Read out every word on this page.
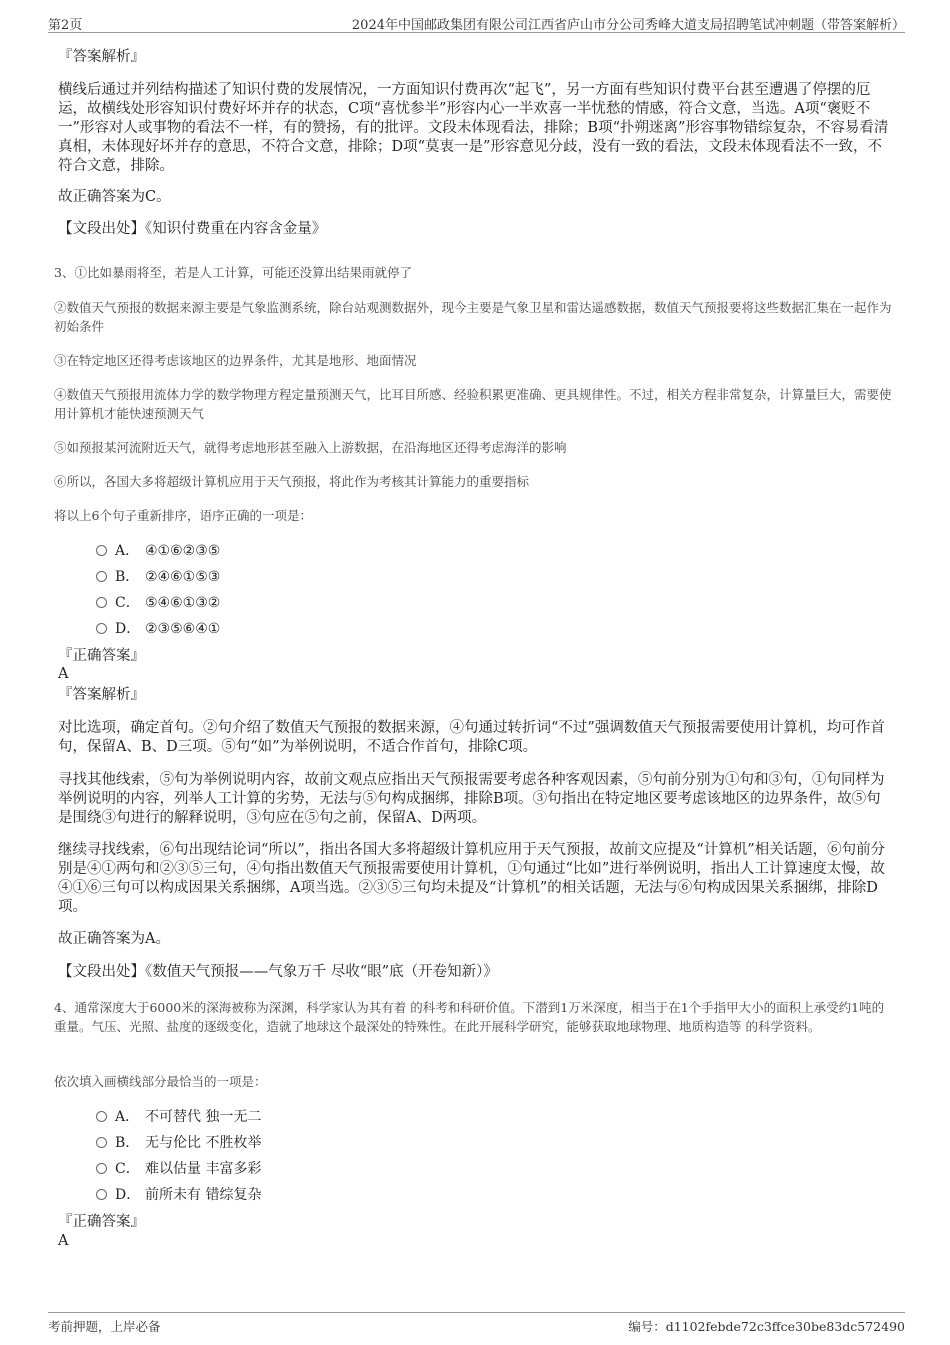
第2页	2024年中国邮政集团有限公司江西省庐山市分公司秀峰大道支局招聘笔试冲刺题（带答案解析）

『答案解析』

横线后通过并列结构描述了知识付费的发展情况，一方面知识付费再次“起飞”，另一方面有些知识付费平台甚至遭遇了停摆的厄运，故横线处形容知识付费好坏并存的状态，C项“喜忧参半”形容内心一半欢喜一半忧愁的情感，符合文意，当选。A项“褒贬不一”形容对人或事物的看法不一样，有的赞扬，有的批评。文段未体现看法，排除；B项“扑朔迷离”形容事物错综复杂，不容易看清真相，未体现好坏并存的意思，不符合文意，排除；D项“莫衷一是”形容意见分歧，没有一致的看法，文段未体现看法不一致，不符合文意，排除。

故正确答案为C。

【文段出处】《知识付费重在内容含金量》

3、①比如暴雨将至，若是人工计算，可能还没算出结果雨就停了

②数值天气预报的数据来源主要是气象监测系统，除台站观测数据外，现今主要是气象卫星和雷达遥感数据，数值天气预报要将这些数据汇集在一起作为初始条件

③在特定地区还得考虑该地区的边界条件，尤其是地形、地面情况

④数值天气预报用流体力学的数学物理方程定量预测天气，比耳目所感、经验积累更准确、更具规律性。不过，相关方程非常复杂，计算量巨大，需要使用计算机才能快速预测天气

⑤如预报某河流附近天气，就得考虑地形甚至融入上游数据，在沿海地区还得考虑海洋的影响

⑥所以，各国大多将超级计算机应用于天气预报，将此作为考核其计算能力的重要指标

将以上6个句子重新排序，语序正确的一项是：

A． ④①⑥②③⑤
B． ②④⑥①⑤③
C． ⑤④⑥①③②
D． ②③⑤⑥④①

『正确答案』

A

『答案解析』

对比选项，确定首句。②句介绍了数值天气预报的数据来源，④句通过转折词“不过”强调数值天气预报需要使用计算机，均可作首句，保留A、B、D三项。⑤句“如”为举例说明，不适合作首句，排除C项。

寻找其他线索，⑤句为举例说明内容，故前文观点应指出天气预报需要考虑各种客观因素，⑤句前分别为①句和③句，①句同样为举例说明的内容，列举人工计算的劣势，无法与⑤句构成捆绑，排除B项。③句指出在特定地区要考虑该地区的边界条件，故⑤句是围绕③句进行的解释说明，③句应在⑤句之前，保留A、D两项。

继续寻找线索，⑥句出现结论词“所以”，指出各国大多将超级计算机应用于天气预报，故前文应提及“计算机”相关话题，⑥句前分别是④①两句和②③⑤三句，④句指出数值天气预报需要使用计算机，①句通过“比如”进行举例说明，指出人工计算速度太慢，故④①⑥三句可以构成因果关系捆绑，A项当选。②③⑤三句均未提及“计算机”的相关话题，无法与⑥句构成因果关系捆绑，排除D项。

故正确答案为A。

【文段出处】《数值天气预报——气象万千 尽收“眼”底（开卷知新）》

4、通常深度大于6000米的深海被称为深渊，科学家认为其有着 的科考和科研价值。下潜到1万米深度，相当于在1个手指甲大小的面积上承受约1吨的重量。气压、光照、盐度的逐级变化，造就了地球这个最深处的特殊性。在此开展科学研究，能够获取地球物理、地质构造等 的科学资料。

依次填入画横线部分最恰当的一项是：

A． 不可替代 独一无二
B． 无与伦比 不胜枚举
C． 难以估量 丰富多彩
D． 前所未有 错综复杂

『正确答案』

A

考前押题，上岸必备	编号：d1102febde72c3ffce30be83dc572490
